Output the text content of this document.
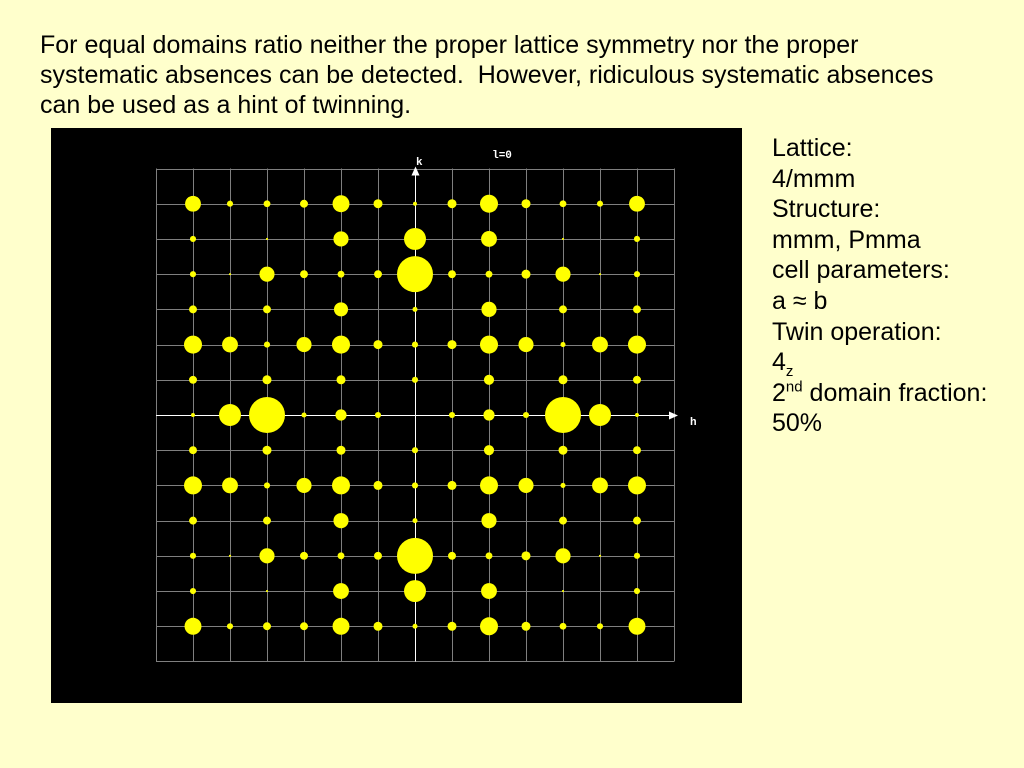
For equal domains ratio neither the proper lattice symmetry nor the proper systematic absences can be detected.  However, ridiculous systematic absences can be used as a hint of twinning.

l=0
k
h
Lattice:
4/mmm
Structure:
mmm, Pmma
cell parameters:
a ≈ b
Twin operation:
$4_z$
2nd domain fraction:
50%
